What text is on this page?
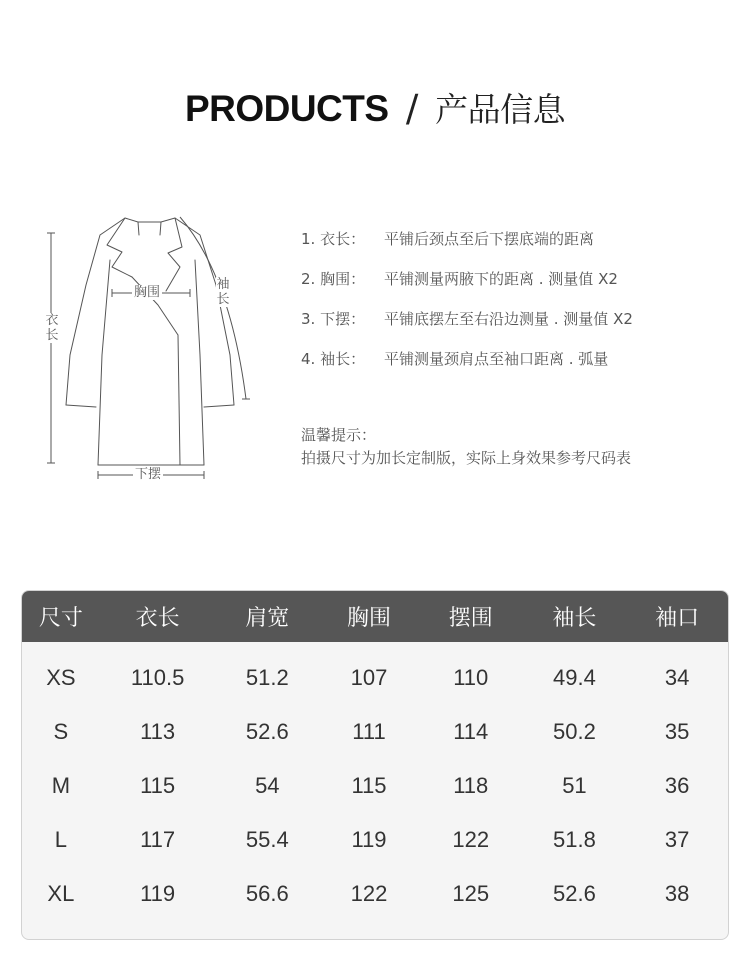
PRODUCTS / 产品信息
衣长
胸围
袖长
下摆
1. 衣长：	平铺后颈点至后下摆底端的距离
2. 胸围：	平铺测量两腋下的距离 . 测量值 X2
3. 下摆：	平铺底摆左至右沿边测量 . 测量值 X2
4. 袖长：	平铺测量颈肩点至袖口距离 . 弧量
温馨提示：
拍摄尺寸为加长定制版，实际上身效果参考尺码表
尺寸	衣长	肩宽	胸围	摆围	袖长	袖口
XS	110.5	51.2	107	110	49.4	34
S	113	52.6	111	114	50.2	35
M	115	54	115	118	51	36
L	117	55.4	119	122	51.8	37
XL	119	56.6	122	125	52.6	38
